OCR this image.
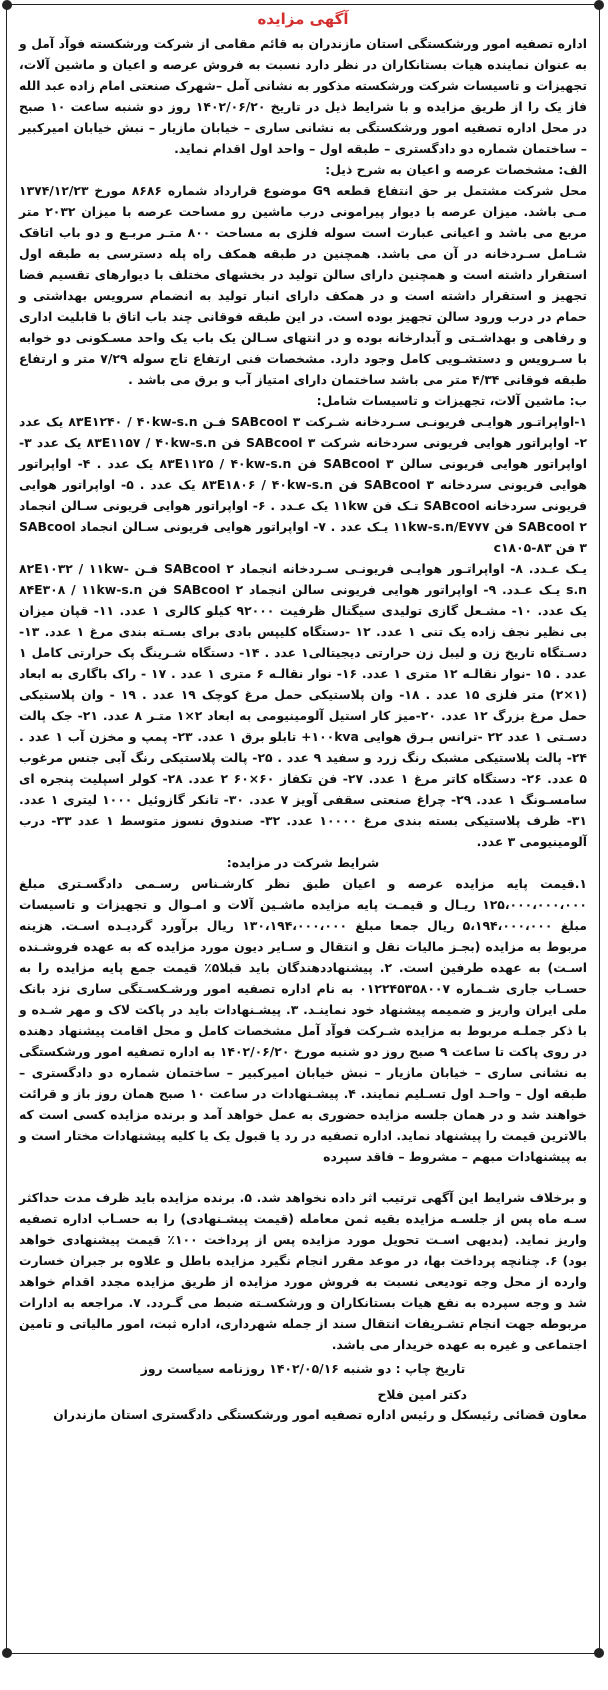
آگهی مزایده

اداره تصفیه امور ورشکستگی استان مازندران به قائم مقامی از شرکت ورشکسته فوآد آمل و به عنوان نماینده هیات بستانکاران در نظر دارد نسبت به فروش عرصه و اعیان و ماشین آلات، تجهیزات و تاسیسات شرکت ورشکسته مذکور به نشانی آمل –شهرک صنعتی امام زاده عبد الله فاز یک را از طریق مزایده و با شرایط ذیل در تاریخ ۱۴۰۲/۰۶/۲۰ روز دو شنبه ساعت ۱۰ صبح در محل اداره تصفیه امور ورشکستگی به نشانی ساری – خیابان مازیار – نبش خیابان امیرکبیر – ساختمان شماره دو دادگستری – طبقه اول – واحد اول اقدام نماید.

الف: مشخصات عرصه و اعیان به شرح ذیل:

محل شرکت مشتمل بر حق انتفاع قطعه G۹ موضوع قرارداد شماره ۸۶۸۶ مورخ ۱۳۷۴/۱۲/۲۳ مـی باشد. میزان عرصه با دیوار پیرامونی درب ماشین رو مساحت عرصه با میزان ۲۰۳۲ متر مربع می باشد و اعیانی عبارت است سوله فلزی به مساحت ۸۰۰ متـر مربـع و دو باب اتاقک شـامل سـردخانه در آن می باشد. همچنین در طبقه همکف راه پله دسترسی به طبقه اول استقرار داشته است و همچنین دارای سالن تولید در بخشهای مختلف با دیوارهای تقسیم فضا تجهیز و استقرار داشته است و در همکف دارای انبار تولید به انضمام سرویس بهداشتی و حمام در درب ورود سالن تجهیز بوده است. در این طبقه فوقانی چند باب اتاق با قابلیت اداری و رفاهی و بهداشـتی و آبدارخانه بوده و در انتهای سـالن یک باب یک واحد مسـکونی دو خوابه با سـرویس و دستشـویی کامل وجود دارد. مشخصات فنی ارتفاع تاج سوله ۷/۲۹ متر و ارتفاع طبقه فوقانی ۴/۳۴ متر می باشد ساختمان دارای امتیاز آب و برق می باشد .

ب: ماشین آلات، تجهیزات و تاسیسات شامل:

۱-اواپراتـور هوایـی فریونـی سـردخانه شـرکت SABcool ۳ فـن ۸۳E۱۲۴۰ / ۴۰kw-s.n یک عدد ۲- اواپراتور هوایی فریونی سردخانه شرکت SABcool ۳ فن ۸۳E۱۱۵۷ / ۴۰kw-s.n یک عدد ۳- اواپراتور هوایی فریونی سالن SABcool ۳ فن ۸۳E۱۱۲۵ / ۴۰kw-s.n یک عدد . ۴- اواپراتور هوایی فریونی سردخانه SABcool ۳ فن ۸۳E۱۸۰۶ / ۴۰kw-s.n یک عدد . ۵- اواپراتور هوایی فریونی سردخانه SABcool تـک فن ۱۱kw یک عـدد . ۶- اواپراتور هوایی فریونی سـالن انجماد SABcool ۲ فن ۱۱kw-s.n/E۷۷۷ یـک عدد . ۷- اواپراتور هوایی فریونی سـالن انجماد SABcool ۳ فن c۱۸۰۵-۸۳

یـک عـدد. ۸- اواپراتـور هوایـی فریونـی سـردخانه انجماد SABcool ۲ فـن ۸۲E۱۰۳۲ / ۱۱kw-s.n یـک عـدد. ۹- اواپراتور هوایی فریونی سالن انجماد SABcool ۲ فن ۸۴E۳۰۸ / ۱۱kw-s.n یک عدد. ۱۰- مشـعل گازی تولیدی سیگنال ظرفیت ۹۲۰۰۰ کیلو کالری ۱ عدد. ۱۱- قپان میزان بی نظیر نجف زاده یک تنی ۱ عدد. ۱۲ -دستگاه کلیپس بادی برای بسـته بندی مرغ ۱ عدد. ۱۳- دسـتگاه تاریخ زن و لیبل زن حرارتی دیجیتالی۱ عدد . ۱۴- دستگاه شـرینگ پک حرارتی کامل ۱ عدد . ۱۵ -نوار نقالـه ۱۲ متری ۱ عدد. ۱۶- نوار نقالـه ۶ متری ۱ عدد . ۱۷ - راک باگاری به ابعاد (۱×۲) متر فلزی ۱۵ عدد . ۱۸- وان پلاستیکی حمل مرغ کوچک ۱۹ عدد . ۱۹ - وان پلاستیکی حمل مرغ بزرگ ۱۲ عدد. ۲۰-میز کار استیل آلومینیومی به ابعاد ۲×۱ متـر ۸ عدد. ۲۱- جک پالت دسـتی ۱ عدد ۲۲ -ترانس بـرق هوایی ۱۰۰kva+ تابلو برق ۱ عدد. ۲۳- پمپ و مخزن آب ۱ عدد . ۲۴- پالت پلاستیکی مشبک رنگ زرد و سفید ۹ عدد . ۲۵- پالت پلاستیکی رنگ آبی جنس مرغوب ۵ عدد. ۲۶- دستگاه کاتر مرغ ۱ عدد. ۲۷- فن تکفاز ۶۰×۶۰ ۲ عدد. ۲۸- کولر اسپلیت پنجره ای سامسـونگ ۱ عدد. ۲۹- چراغ صنعتی سقفی آویز ۷ عدد. ۳۰- تانکر گازوئیل ۱۰۰۰ لیتری ۱ عدد. ۳۱- ظرف پلاستیکی بسته بندی مرغ ۱۰۰۰۰ عدد. ۳۲- صندوق نسوز متوسط ۱ عدد ۳۳- درب آلومینیومی ۳ عدد.

شرایط شرکت در مزایده:

۱.قیمت پایه مزایده عرصه و اعیان طبق نظر کارشـناس رسـمی دادگسـتری مبلغ ۱۲۵،۰۰۰،۰۰۰،۰۰۰ ریـال و قیمـت پایه مزایده ماشـین آلات و امـوال و تجهیزات و تاسیسات مبلغ ۵،۱۹۴،۰۰۰،۰۰۰ ریال جمعا مبلغ ۱۳۰،۱۹۴،۰۰۰،۰۰۰ ریال برآورد گردیـده اسـت. هزینه مربوط به مزایده (بجـز مالیات نقل و انتقال و سـایر دیون مورد مزایده که به عهده فروشـنده اسـت) به عهده طرفین است. ۲. پیشنهاددهندگان باید قبلا۵٪ قیمت جمع پایه مزایده را به حسـاب جاری شـماره ۰۱۲۲۴۵۳۵۸۰۰۷ به نام اداره تصفیه امور ورشـکسـتگی ساری نزد بانک ملی ایران واریز و ضمیمه پیشنهاد خود نماینـد. ۳. پیشـنهادات باید در پاکت لاک و مهر شـده و با ذکر جملـه مربوط به مزایده شـرکت فوآد آمل مشخصات کامل و محل اقامت پیشنهاد دهنده در روی پاکت تا ساعت ۹ صبح روز دو شنبه مورخ ۱۴۰۲/۰۶/۲۰ به اداره تصفیه امور ورشکستگی به نشانی ساری – خیابان مازیار – نبش خیابان امیرکبیر – ساختمان شماره دو دادگستری – طبقه اول – واحـد اول تسـلیم نمایند. ۴. پیشـنهادات در ساعت ۱۰ صبح همان روز باز و قرائت خواهند شد و در همان جلسه مزایده حضوری به عمل خواهد آمد و برنده مزایده کسی است که بالاترین قیمت را پیشنهاد نماید. اداره تصفیه در رد یا قبول یک یا کلیه پیشنهادات مختار است و به پیشنهادات مبهم – مشروط – فاقد سپرده

و برخلاف شرایط این آگهی ترتیب اثر داده نخواهد شد. ۵. برنده مزایده باید ظرف مدت حداکثر سـه ماه پس از جلسـه مزایده بقیه ثمن معامله (قیمت پیشـنهادی) را به حسـاب اداره تصفیه واریز نماید. (بدیهی اسـت تحویل مورد مزایده پس از پرداخت ۱۰۰٪ قیمت پیشنهادی خواهد بود) ۶. چنانچه پرداخت بها، در موعد مقرر انجام نگیرد مزایده باطل و علاوه بر جبران خسارت وارده از محل وجه تودیعی نسبت به فروش مورد مزایده از طریق مزایده مجدد اقدام خواهد شد و وجه سپرده به نفع هیات بستانکاران و ورشکسـته ضبط می گـردد. ۷. مراجعه به ادارات مربوطه جهت انجام تشـریفات انتقال سند از جمله شهرداری، اداره ثبت، امور مالیاتی و تامین اجتماعی و غیره به عهده خریدار می باشد.

تاریخ چاپ : دو شنبه ۱۴۰۲/۰۵/۱۶ روزنامه سیاست روز

دکتر امین فلاح

معاون قضائی رئیسکل و رئیس اداره تصفیه امور ورشکستگی دادگستری استان مازندران
